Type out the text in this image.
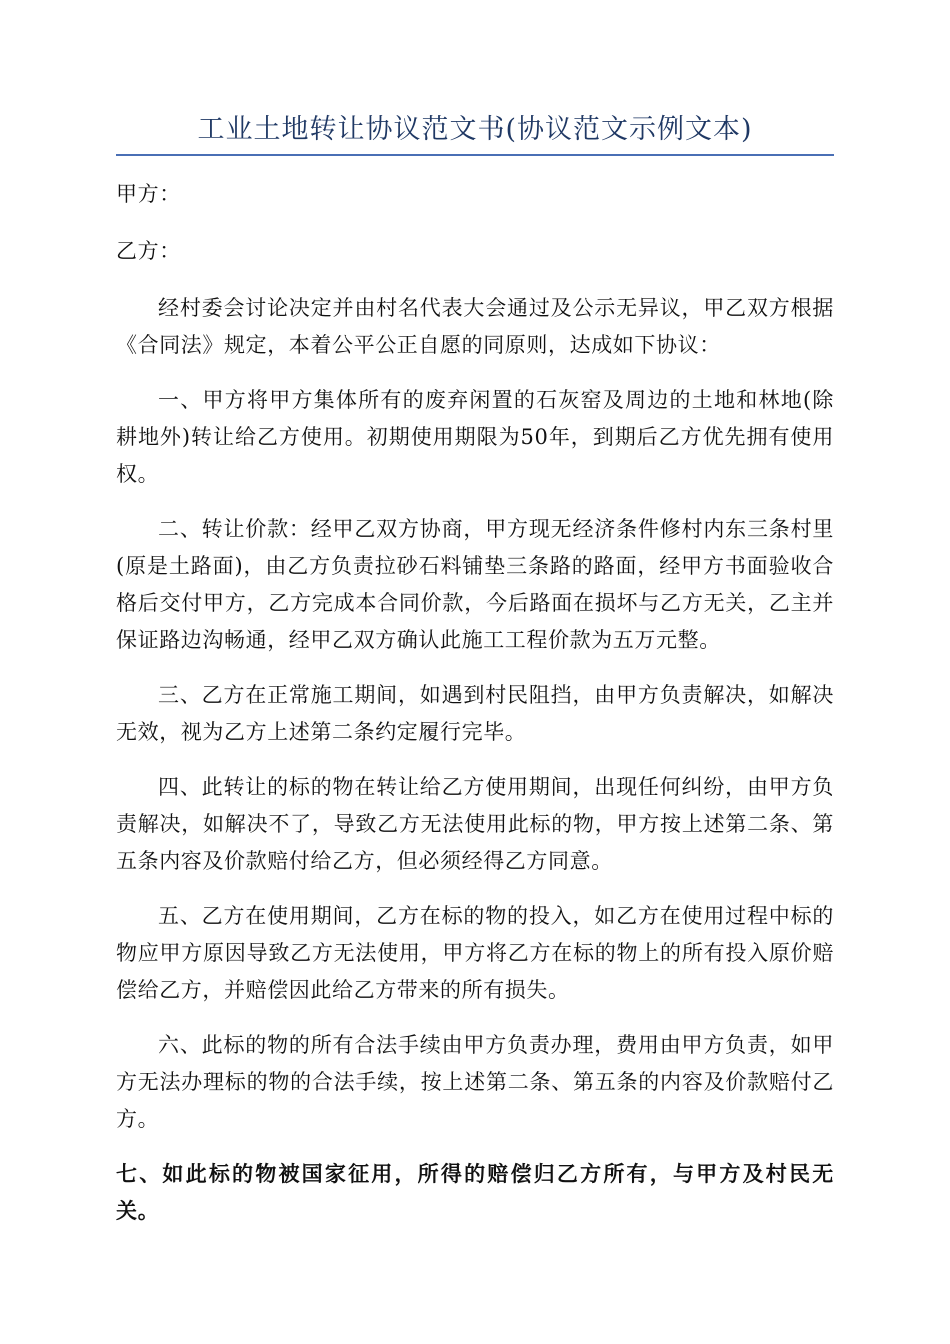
工业土地转让协议范文书(协议范文示例文本)

甲方：

乙方：

经村委会讨论决定并由村名代表大会通过及公示无异议，甲乙双方根据《合同法》规定，本着公平公正自愿的同原则，达成如下协议：

一、甲方将甲方集体所有的废弃闲置的石灰窑及周边的土地和林地(除耕地外)转让给乙方使用。初期使用期限为50年，到期后乙方优先拥有使用权。

二、转让价款：经甲乙双方协商，甲方现无经济条件修村内东三条村里(原是土路面)，由乙方负责拉砂石料铺垫三条路的路面，经甲方书面验收合格后交付甲方，乙方完成本合同价款，今后路面在损坏与乙方无关，乙主并保证路边沟畅通，经甲乙双方确认此施工工程价款为五万元整。

三、乙方在正常施工期间，如遇到村民阻挡，由甲方负责解决，如解决无效，视为乙方上述第二条约定履行完毕。

四、此转让的标的物在转让给乙方使用期间，出现任何纠纷，由甲方负责解决，如解决不了，导致乙方无法使用此标的物，甲方按上述第二条、第五条内容及价款赔付给乙方，但必须经得乙方同意。

五、乙方在使用期间，乙方在标的物的投入，如乙方在使用过程中标的物应甲方原因导致乙方无法使用，甲方将乙方在标的物上的所有投入原价赔偿给乙方，并赔偿因此给乙方带来的所有损失。

六、此标的物的所有合法手续由甲方负责办理，费用由甲方负责，如甲方无法办理标的物的合法手续，按上述第二条、第五条的内容及价款赔付乙方。

七、如此标的物被国家征用，所得的赔偿归乙方所有，与甲方及村民无关。
